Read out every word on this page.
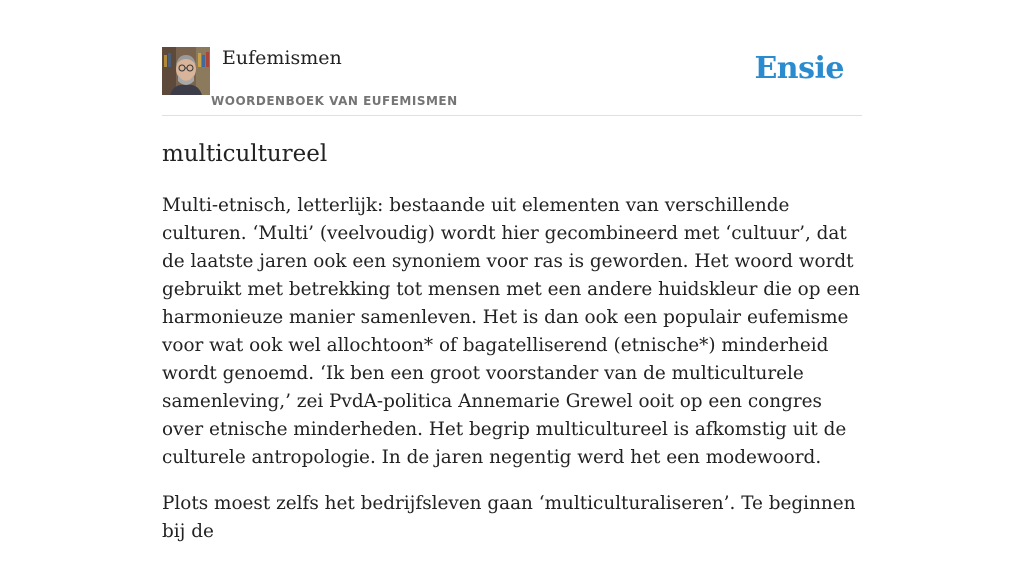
Eufemismen
WOORDENBOEK VAN EUFEMISMEN
Ensie
multicultureel

Multi-etnisch, letterlijk: bestaande uit elementen van verschillende culturen. ‘Multi’ (veelvoudig) wordt hier gecombineerd met ‘cultuur’, dat de laatste jaren ook een synoniem voor ras is geworden. Het woord wordt gebruikt met betrekking tot mensen met een andere huidskleur die op een harmonieuze manier samenleven. Het is dan ook een populair eufemisme voor wat ook wel allochtoon* of bagatelliserend (etnische*) minderheid wordt genoemd. ‘Ik ben een groot voorstander van de multiculturele samenleving,’ zei PvdA-politica Annemarie Grewel ooit op een congres over etnische minderheden. Het begrip multicultureel is afkomstig uit de culturele antropologie. In de jaren negentig werd het een modewoord.

Plots moest zelfs het bedrijfsleven gaan ‘multiculturaliseren’. Te beginnen bij de
